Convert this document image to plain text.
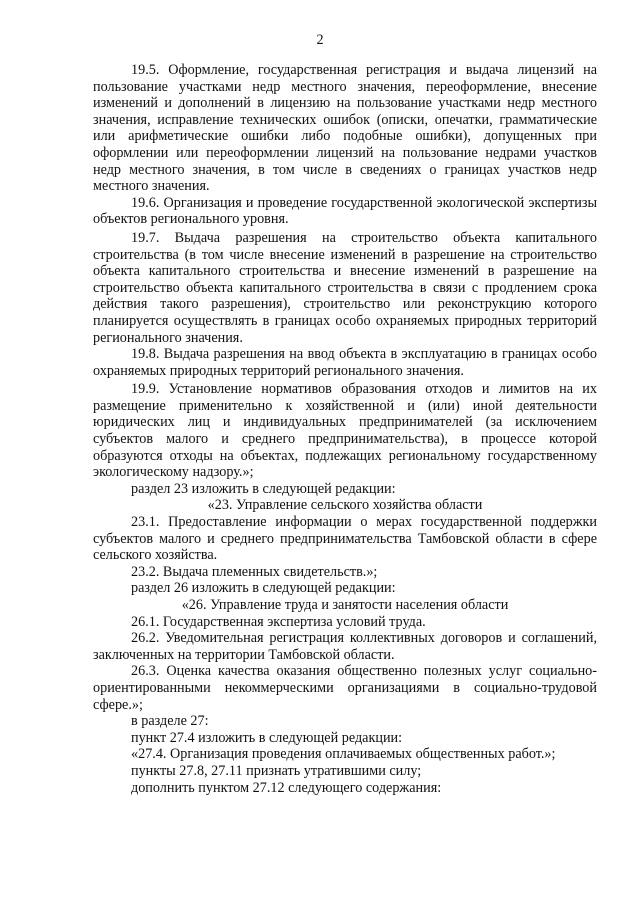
2

19.5. Оформление, государственная регистрация и выдача лицензий на пользование участками недр местного значения, переоформление, внесение изменений и дополнений в лицензию на пользование участками недр местного значения, исправление технических ошибок (описки, опечатки, грамматические или арифметические ошибки либо подобные ошибки), допущенных при оформлении или переоформлении лицензий на пользование недрами участков недр местного значения, в том числе в сведениях о границах участков недр местного значения.

19.6. Организация и проведение государственной экологической экспертизы объектов регионального уровня.

19.7. Выдача разрешения на строительство объекта капитального строительства (в том числе внесение изменений в разрешение на строительство объекта капитального строительства и внесение изменений в разрешение на строительство объекта капитального строительства в связи с продлением срока действия такого разрешения), строительство или реконструкцию которого планируется осуществлять в границах особо охраняемых природных территорий регионального значения.

19.8. Выдача разрешения на ввод объекта в эксплуатацию в границах особо охраняемых природных территорий регионального значения.

19.9. Установление нормативов образования отходов и лимитов на их размещение применительно к хозяйственной и (или) иной деятельности юридических лиц и индивидуальных предпринимателей (за исключением субъектов малого и среднего предпринимательства), в процессе которой образуются отходы на объектах, подлежащих региональному государственному экологическому надзору.»;

раздел 23 изложить в следующей редакции:

«23. Управление сельского хозяйства области

23.1. Предоставление информации о мерах государственной поддержки субъектов малого и среднего предпринимательства Тамбовской области в сфере сельского хозяйства.

23.2. Выдача племенных свидетельств.»;

раздел 26 изложить в следующей редакции:

«26. Управление труда и занятости населения области

26.1. Государственная экспертиза условий труда.

26.2. Уведомительная регистрация коллективных договоров и соглашений, заключенных на территории Тамбовской области.

26.3. Оценка качества оказания общественно полезных услуг социально-ориентированными некоммерческими организациями в социально-трудовой сфере.»;

в разделе 27:

пункт 27.4 изложить в следующей редакции:

«27.4. Организация проведения оплачиваемых общественных работ.»;

пункты 27.8, 27.11 признать утратившими силу;

дополнить пунктом 27.12 следующего содержания:
